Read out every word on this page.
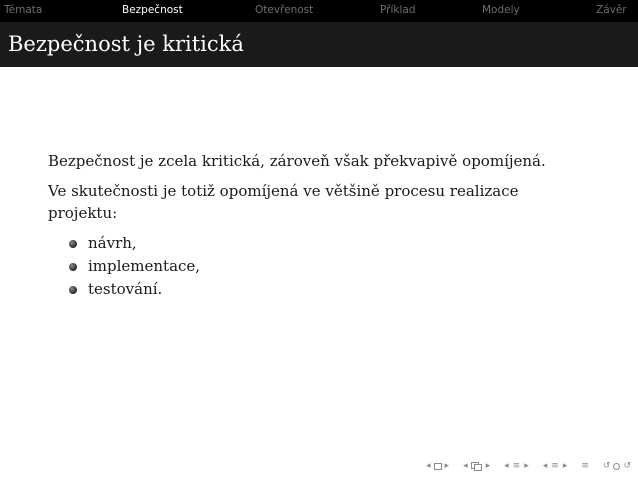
Témata	Bezpečnost	Otevřenost	Příklad	Modely	Závěr
Bezpečnost je kritická

Bezpečnost je zcela kritická, zároveň však překvapivě opomíjená.

Ve skutečnosti je totiž opomíjená ve většině procesu realizace projektu:

návrh,
implementace,
testování.
◂ ▸ ◂ ▸ ◂ ≡ ▸ ◂ ≡ ▸ ≡ ↺ ↺
